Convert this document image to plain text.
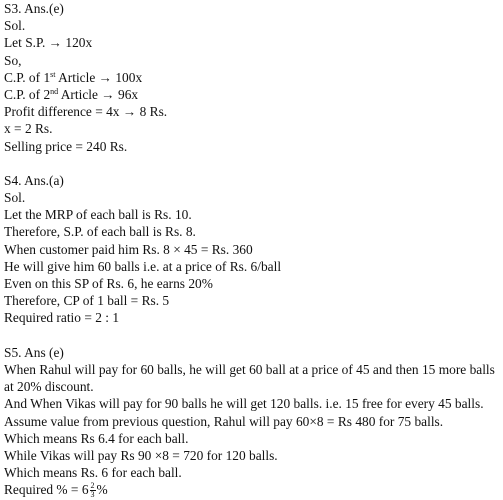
S3. Ans.(e)
Sol.
Let S.P. → 120x
So,
C.P. of 1st Article → 100x
C.P. of 2nd Article → 96x
Profit difference = 4x → 8 Rs.
x = 2 Rs.
Selling price = 240 Rs.
S4. Ans.(a)
Sol.
Let the MRP of each ball is Rs. 10.
Therefore, S.P. of each ball is Rs. 8.
When customer paid him Rs. 8 × 45 = Rs. 360
He will give him 60 balls i.e. at a price of Rs. 6/ball
Even on this SP of Rs. 6, he earns 20%
Therefore, CP of 1 ball = Rs. 5
Required ratio = 2 : 1
S5. Ans (e)
When Rahul will pay for 60 balls, he will get 60 ball at a price of 45 and then 15 more balls
at 20% discount.
And When Vikas will pay for 90 balls he will get 120 balls. i.e. 15 free for every 45 balls.
Assume value from previous question, Rahul will pay 60×8 = Rs 480 for 75 balls.
Which means Rs 6.4 for each ball.
While Vikas will pay Rs 90 ×8 = 720 for 120 balls.
Which means Rs. 6 for each ball.
Required % = $6 \frac{2}{3}$ %
